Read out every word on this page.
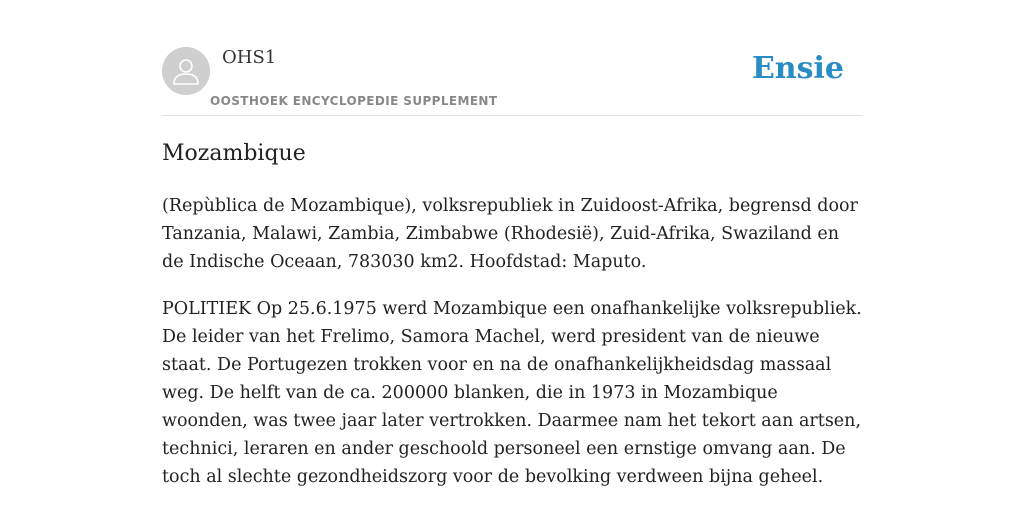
OHS1
OOSTHOEK ENCYCLOPEDIE SUPPLEMENT
Ensie
Mozambique

(Repùblica de Mozambique), volksrepubliek in Zuidoost-Afrika, begrensd door Tanzania, Malawi, Zambia, Zimbabwe (Rhodesië), Zuid-Afrika, Swaziland en de Indische Oceaan, 783030 km2. Hoofdstad: Maputo.

POLITIEK Op 25.6.1975 werd Mozambique een onafhankelijke volksrepubliek. De leider van het Frelimo, Samora Machel, werd president van de nieuwe staat. De Portugezen trokken voor en na de onafhankelijkheidsdag massaal weg. De helft van de ca. 200000 blanken, die in 1973 in Mozambique woonden, was twee jaar later vertrokken. Daarmee nam het tekort aan artsen, technici, leraren en ander geschoold personeel een ernstige omvang aan. De toch al slechte gezondheidszorg voor de bevolking verdween bijna geheel.
